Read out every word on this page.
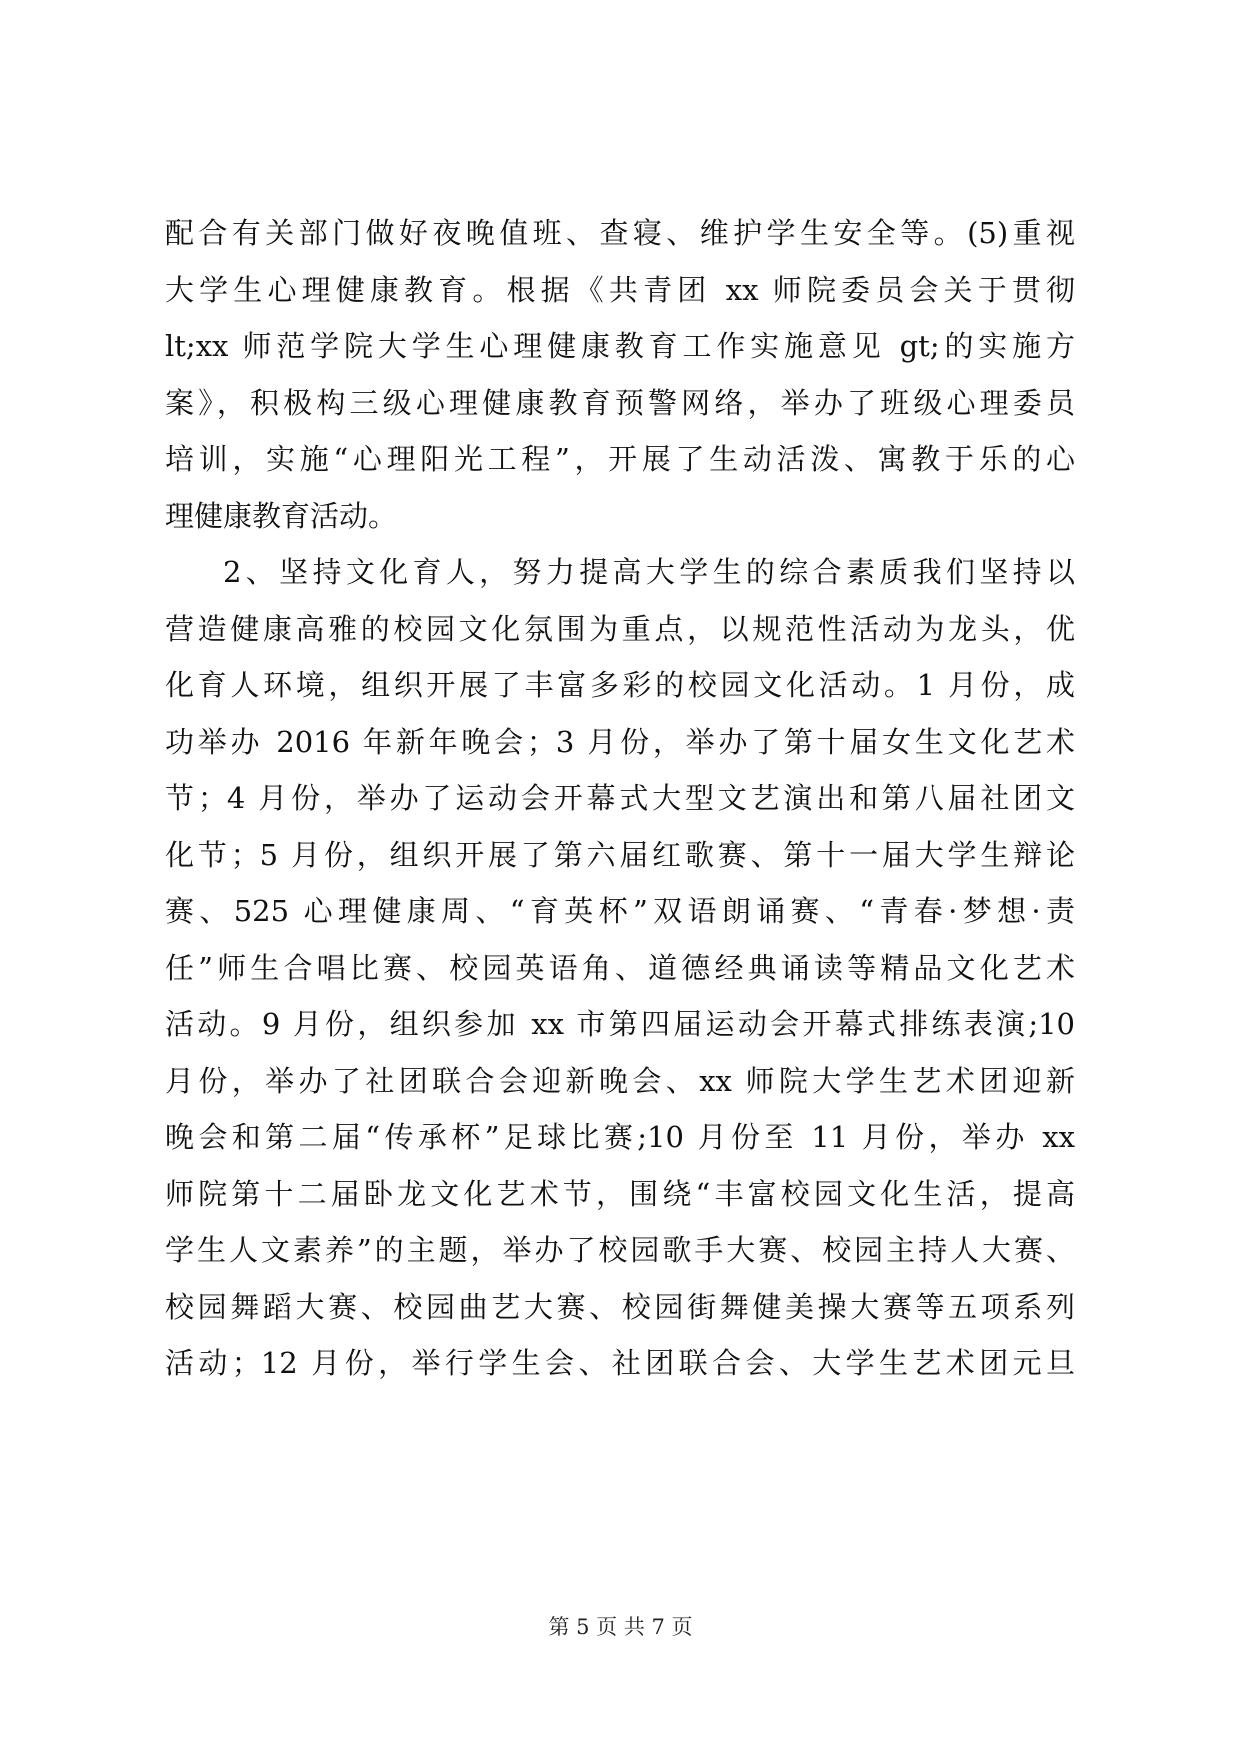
配合有关部门做好夜晚值班、查寝、维护学生安全等。(5)重视
大学生心理健康教育。根据《共青团 xx 师院委员会关于贯彻
lt;xx 师范学院大学生心理健康教育工作实施意见 gt;的实施方
案》，积极构三级心理健康教育预警网络，举办了班级心理委员
培训，实施“心理阳光工程”，开展了生动活泼、寓教于乐的心
理健康教育活动。
2、坚持文化育人，努力提高大学生的综合素质我们坚持以
营造健康高雅的校园文化氛围为重点，以规范性活动为龙头，优
化育人环境，组织开展了丰富多彩的校园文化活动。1 月份，成
功举办 2016 年新年晚会；3 月份，举办了第十届女生文化艺术
节；4 月份，举办了运动会开幕式大型文艺演出和第八届社团文
化节；5 月份，组织开展了第六届红歌赛、第十一届大学生辩论
赛、525 心理健康周、“育英杯”双语朗诵赛、“青春·梦想·责
任”师生合唱比赛、校园英语角、道德经典诵读等精品文化艺术
活动。9 月份，组织参加 xx 市第四届运动会开幕式排练表演;10
月份，举办了社团联合会迎新晚会、xx 师院大学生艺术团迎新
晚会和第二届“传承杯”足球比赛;10 月份至 11 月份，举办 xx
师院第十二届卧龙文化艺术节，围绕“丰富校园文化生活，提高
学生人文素养”的主题，举办了校园歌手大赛、校园主持人大赛、
校园舞蹈大赛、校园曲艺大赛、校园街舞健美操大赛等五项系列
活动；12 月份，举行学生会、社团联合会、大学生艺术团元旦
第 5 页 共 7 页
